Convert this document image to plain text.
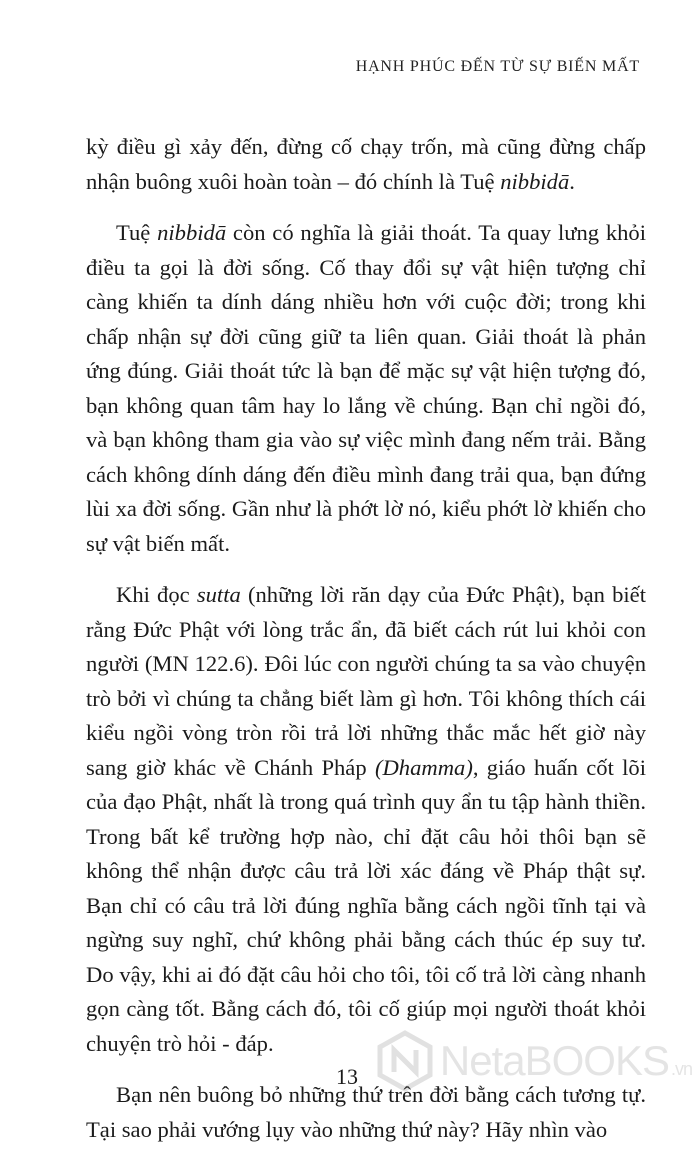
HẠNH PHÚC ĐẾN TỪ SỰ BIẾN MẤT

kỳ điều gì xảy đến, đừng cố chạy trốn, mà cũng đừng chấp nhận buông xuôi hoàn toàn – đó chính là Tuệ nibbidā.

Tuệ nibbidā còn có nghĩa là giải thoát. Ta quay lưng khỏi điều ta gọi là đời sống. Cố thay đổi sự vật hiện tượng chỉ càng khiến ta dính dáng nhiều hơn với cuộc đời; trong khi chấp nhận sự đời cũng giữ ta liên quan. Giải thoát là phản ứng đúng. Giải thoát tức là bạn để mặc sự vật hiện tượng đó, bạn không quan tâm hay lo lắng về chúng. Bạn chỉ ngồi đó, và bạn không tham gia vào sự việc mình đang nếm trải. Bằng cách không dính dáng đến điều mình đang trải qua, bạn đứng lùi xa đời sống. Gần như là phớt lờ nó, kiểu phớt lờ khiến cho sự vật biến mất.

Khi đọc sutta (những lời răn dạy của Đức Phật), bạn biết rằng Đức Phật với lòng trắc ẩn, đã biết cách rút lui khỏi con người (MN 122.6). Đôi lúc con người chúng ta sa vào chuyện trò bởi vì chúng ta chẳng biết làm gì hơn. Tôi không thích cái kiểu ngồi vòng tròn rồi trả lời những thắc mắc hết giờ này sang giờ khác về Chánh Pháp (Dhamma), giáo huấn cốt lõi của đạo Phật, nhất là trong quá trình quy ẩn tu tập hành thiền. Trong bất kể trường hợp nào, chỉ đặt câu hỏi thôi bạn sẽ không thể nhận được câu trả lời xác đáng về Pháp thật sự. Bạn chỉ có câu trả lời đúng nghĩa bằng cách ngồi tĩnh tại và ngừng suy nghĩ, chứ không phải bằng cách thúc ép suy tư. Do vậy, khi ai đó đặt câu hỏi cho tôi, tôi cố trả lời càng nhanh gọn càng tốt. Bằng cách đó, tôi cố giúp mọi người thoát khỏi chuyện trò hỏi - đáp.

Bạn nên buông bỏ những thứ trên đời bằng cách tương tự. Tại sao phải vướng lụy vào những thứ này? Hãy nhìn vào

13 NetaBOOKS .vn
